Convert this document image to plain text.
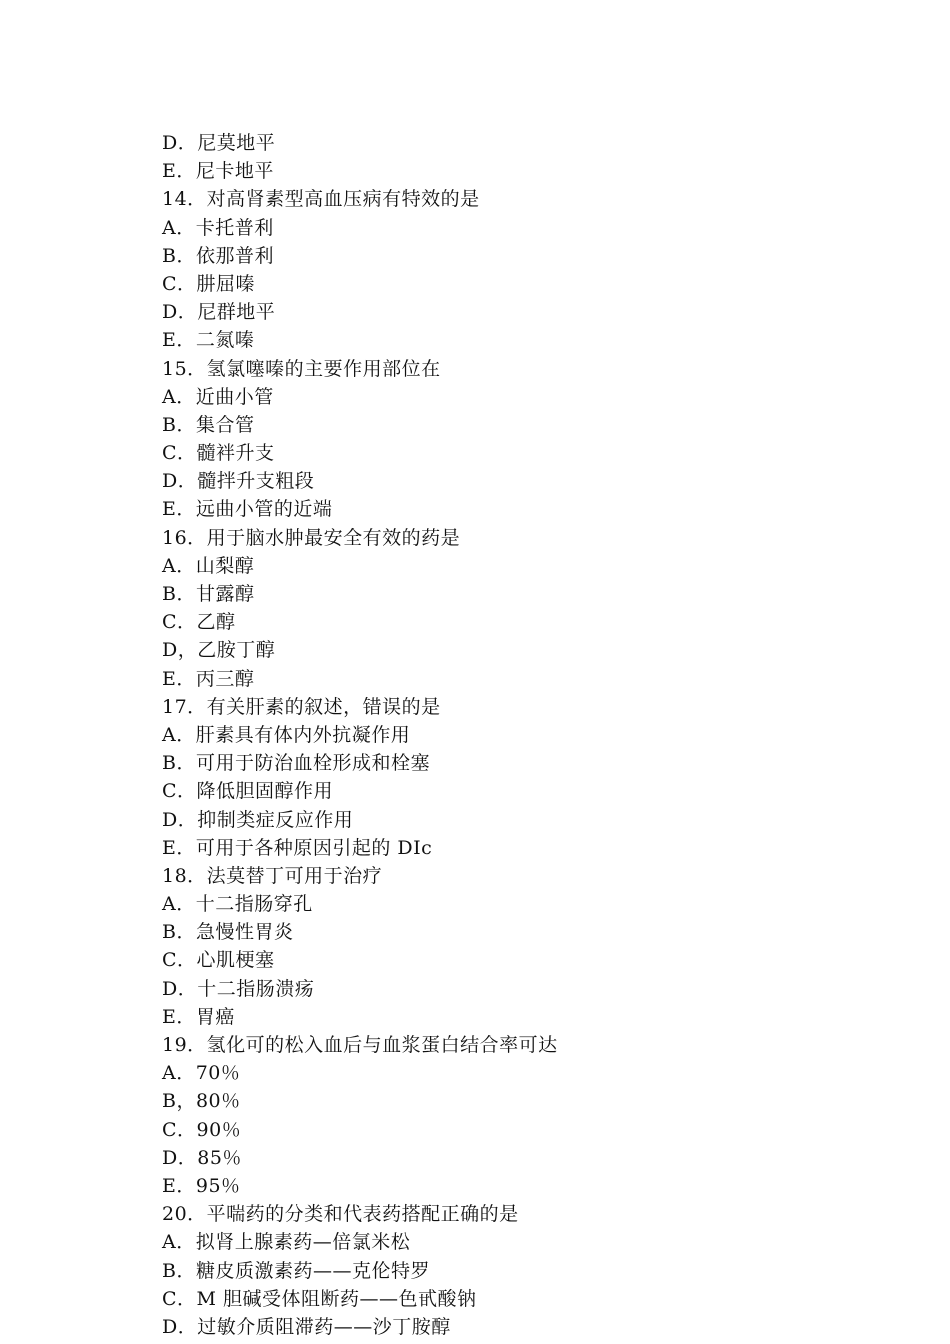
D．尼莫地平
E．尼卡地平
14．对高肾素型高血压病有特效的是
A．卡托普利
B．依那普利
C．肼屈嗪
D．尼群地平
E．二氮嗪
15．氢氯噻嗪的主要作用部位在
A．近曲小管
B．集合管
C．髓袢升支
D．髓拌升支粗段
E．远曲小管的近端
16．用于脑水肿最安全有效的药是
A．山梨醇
B．甘露醇
C．乙醇
D，乙胺丁醇
E．丙三醇
17．有关肝素的叙述，错误的是
A．肝素具有体内外抗凝作用
B．可用于防治血栓形成和栓塞
C．降低胆固醇作用
D．抑制类症反应作用
E．可用于各种原因引起的 DIc
18．法莫替丁可用于治疗
A．十二指肠穿孔
B．急慢性胃炎
C．心肌梗塞
D．十二指肠溃疡
E．胃癌
19．氢化可的松入血后与血浆蛋白结合率可达
A．70％
B，80％
C．90％
D．85％
E．95％
20．平喘药的分类和代表药搭配正确的是
A．拟肾上腺素药—倍氯米松
B．糖皮质激素药——克伦特罗
C．M 胆碱受体阻断药——色甙酸钠
D．过敏介质阻滞药——沙丁胺醇
